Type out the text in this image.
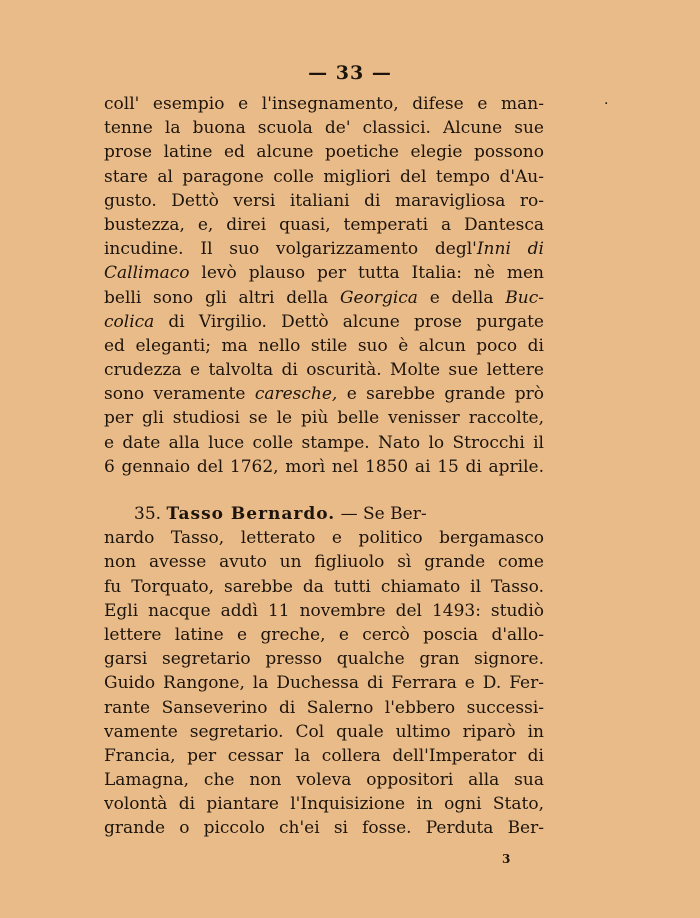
— 33 —
·
coll' esempio e l'insegnamento, difese e man-
tenne la buona scuola de' classici. Alcune sue
prose latine ed alcune poetiche elegie possono
stare al paragone colle migliori del tempo d'Au-
gusto. Dettò versi italiani di maravigliosa ro-
bustezza, e, direi quasi, temperati a Dantesca
incudine. Il suo volgarizzamento degl'Inni di
Callimaco levò plauso per tutta Italia: nè men
belli sono gli altri della Georgica e della Buc-
colica di Virgilio. Dettò alcune prose purgate
ed eleganti; ma nello stile suo è alcun poco di
crudezza e talvolta di oscurità. Molte sue lettere
sono veramente caresche, e sarebbe grande prò
per gli studiosi se le più belle venisser raccolte,
e date alla luce colle stampe. Nato lo Strocchi il
6 gennaio del 1762, morì nel 1850 ai 15 di aprile.
35. Tasso Bernardo. — Se Ber-
nardo Tasso, letterato e politico bergamasco
non avesse avuto un figliuolo sì grande come
fu Torquato, sarebbe da tutti chiamato il Tasso.
Egli nacque addì 11 novembre del 1493: studiò
lettere latine e greche, e cercò poscia d'allo-
garsi segretario presso qualche gran signore.
Guido Rangone, la Duchessa di Ferrara e D. Fer-
rante Sanseverino di Salerno l'ebbero successi-
vamente segretario. Col quale ultimo riparò in
Francia, per cessar la collera dell'Imperator di
Lamagna, che non voleva oppositori alla sua
volontà di piantare l'Inquisizione in ogni Stato,
grande o piccolo ch'ei si fosse. Perduta Ber-
3
